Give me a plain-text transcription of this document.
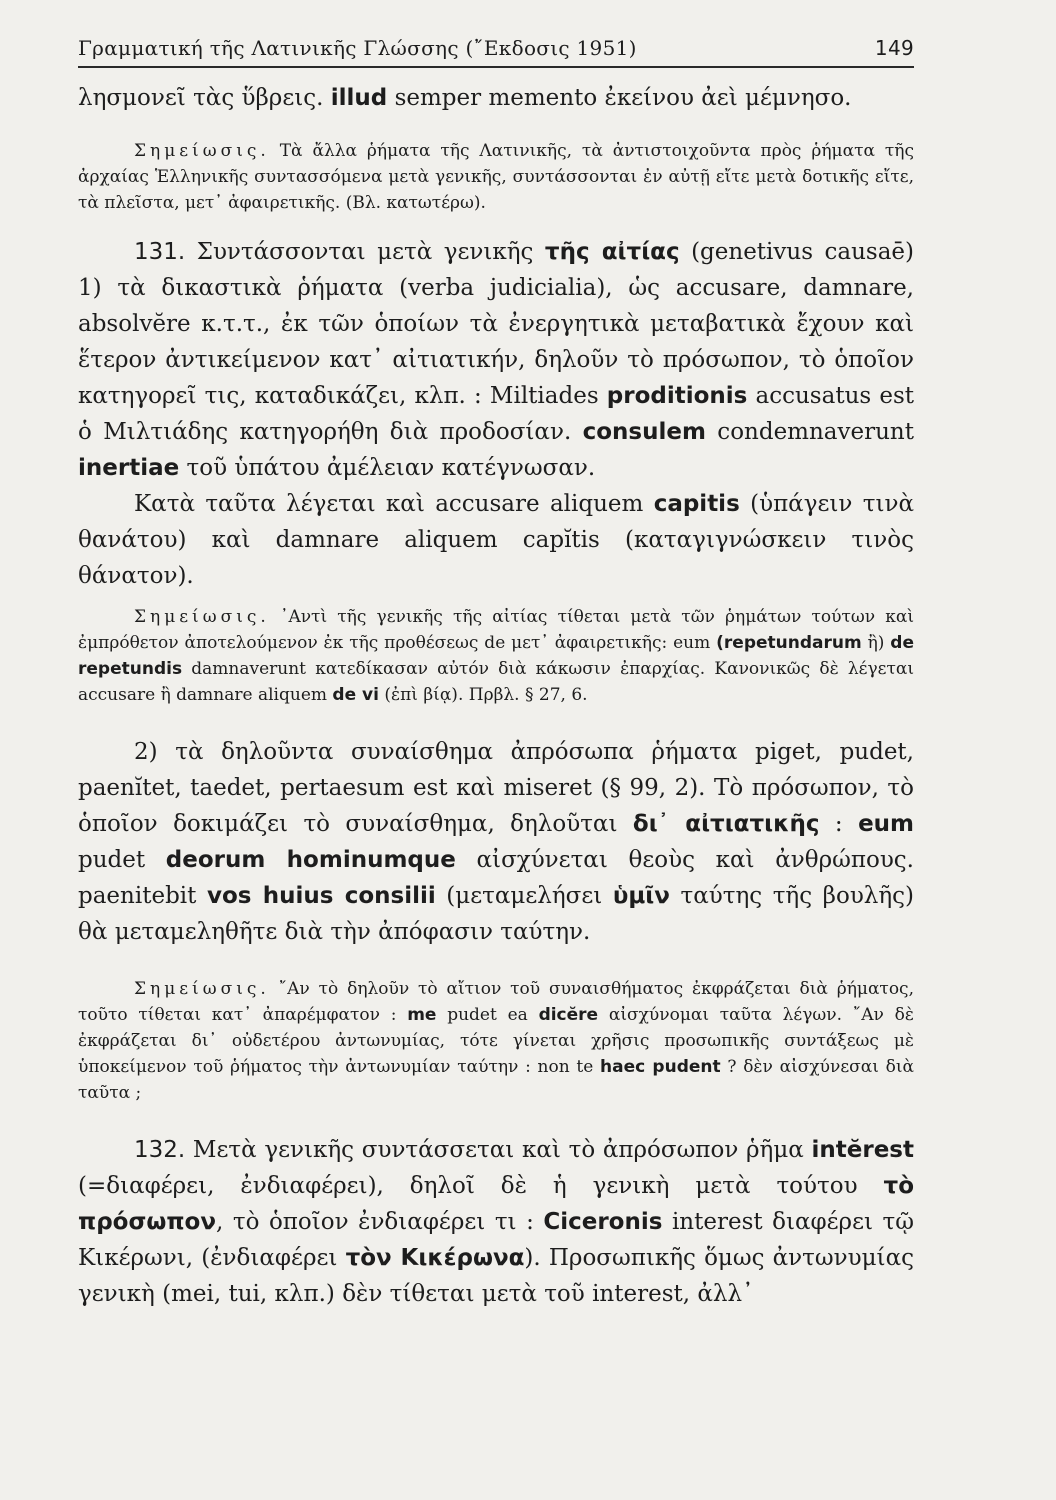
Γραμματική τῆς Λατινικῆς Γλώσσης (῎Εκδοσις 1951)	149

λησμονεῖ τὰς ὕβρεις. illud semper memento ἐκείνου ἀεὶ μέμνησο.

Σημείωσις. Τὰ ἄλλα ῥήματα τῆς Λατινικῆς, τὰ ἀντιστοιχοῦντα πρὸς ῥήματα τῆς ἀρχαίας Ἑλληνικῆς συντασσόμενα μετὰ γενικῆς, συντάσσονται ἐν αὐτῇ εἴτε μετὰ δοτικῆς εἴτε, τὰ πλεῖστα, μετ᾽ ἀφαιρετικῆς. (Βλ. κατωτέρω).

131. Συντάσσονται μετὰ γενικῆς τῆς αἰτίας (genetivus causaē) 1) τὰ δικαστικὰ ῥήματα (verba judicialia), ὡς accusare, damnare, absolvĕre κ.τ.τ., ἐκ τῶν ὁποίων τὰ ἐνεργητικὰ μεταβατικὰ ἔχουν καὶ ἕτερον ἀντικείμενον κατ᾽ αἰτιατικήν, δηλοῦν τὸ πρόσωπον, τὸ ὁποῖον κατηγορεῖ τις, καταδικάζει, κλπ. : Miltiades proditionis accusatus est ὁ Μιλτιάδης κατηγορήθη διὰ προδοσίαν. consulem condemnaverunt inertiae τοῦ ὑπάτου ἀμέλειαν κατέγνωσαν.

Κατὰ ταῦτα λέγεται καὶ accusare aliquem capitis (ὑπάγειν τινὰ θανάτου) καὶ damnare aliquem capĭtis (καταγιγνώσκειν τινὸς θάνατον).

Σημείωσις. ᾽Αντὶ τῆς γενικῆς τῆς αἰτίας τίθεται μετὰ τῶν ῥημάτων τούτων καὶ ἐμπρόθετον ἀποτελούμενον ἐκ τῆς προθέσεως de μετ᾽ ἀφαιρετικῆς: eum (repetundarum ἢ) de repetundis damnaverunt κατεδίκασαν αὐτόν διὰ κάκωσιν ἐπαρχίας. Κανονικῶς δὲ λέγεται accusare ἢ damnare aliquem de vi (ἐπὶ βίᾳ). Πρβλ. § 27, 6.

2) τὰ δηλοῦντα συναίσθημα ἀπρόσωπα ῥήματα piget, pudet, paenĭtet, taedet, pertaesum est καὶ miseret (§ 99, 2). Τὸ πρόσωπον, τὸ ὁποῖον δοκιμάζει τὸ συναίσθημα, δηλοῦται δι᾽ αἰτιατικῆς : eum pudet deorum hominumque αἰσχύνεται θεοὺς καὶ ἀνθρώπους. paenitebit vos huius consilii (μεταμελήσει ὑμῖν ταύτης τῆς βουλῆς) θὰ μεταμεληθῆτε διὰ τὴν ἀπόφασιν ταύτην.

Σημείωσις. ῎Αν τὸ δηλοῦν τὸ αἴτιον τοῦ συναισθήματος ἐκφράζεται διὰ ῥήματος, τοῦτο τίθεται κατ᾽ ἀπαρέμφατον : me pudet ea dicĕre αἰσχύνομαι ταῦτα λέγων. ῎Αν δὲ ἐκφράζεται δι᾽ οὐδετέρου ἀντωνυμίας, τότε γίνεται χρῆσις προσωπικῆς συντάξεως μὲ ὑποκείμενον τοῦ ῥήματος τὴν ἀντωνυμίαν ταύτην : non te haec pudent ? δὲν αἰσχύνεσαι διὰ ταῦτα ;

132. Μετὰ γενικῆς συντάσσεται καὶ τὸ ἀπρόσωπον ῥῆμα intĕrest (=διαφέρει, ἐνδιαφέρει), δηλοῖ δὲ ἡ γενικὴ μετὰ τούτου τὸ πρόσωπον, τὸ ὁποῖον ἐνδιαφέρει τι : Ciceronis interest διαφέρει τῷ Κικέρωνι, (ἐνδιαφέρει τὸν Κικέρωνα). Προσωπικῆς ὅμως ἀντωνυμίας γενικὴ (mei, tui, κλπ.) δὲν τίθεται μετὰ τοῦ interest, ἀλλ᾽
